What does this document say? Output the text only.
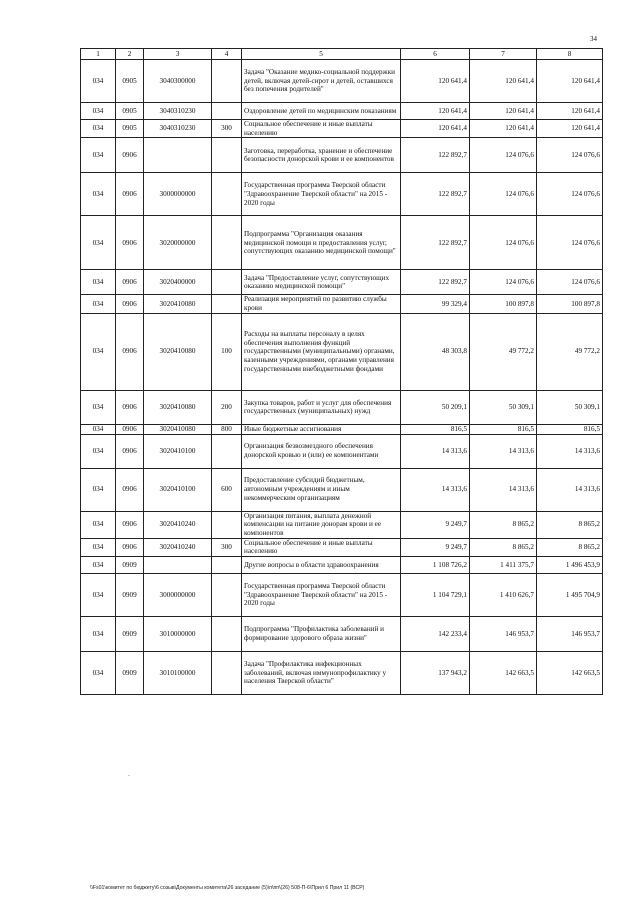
34
1	2	3	4	5	6	7	8
034	0905	3040300000		Задача "Оказание медико-социальной поддержки детей, включая детей-сирот и детей, оставшихся без попечения родителей"	120 641,4	120 641,4	120 641,4
034	0905	3040310230		Оздоровление детей по медицинским показаниям	120 641,4	120 641,4	120 641,4
034	0905	3040310230	300	Социальное обеспечение и иные выплаты населению	120 641,4	120 641,4	120 641,4
034	0906			Заготовка, переработка, хранение и обеспечение безопасности донорской крови и ее компонентов	122 892,7	124 076,6	124 076,6
034	0906	3000000000		Государственная программа Тверской области "Здравоохранение Тверской области" на 2015 - 2020 годы	122 892,7	124 076,6	124 076,6
034	0906	3020000000		Подпрограмма "Организация оказания медицинской помощи и предоставления услуг, сопутствующих оказанию медицинской помощи"	122 892,7	124 076,6	124 076,6
034	0906	3020400000		Задача "Предоставление услуг, сопутствующих оказанию медицинской помощи"	122 892,7	124 076,6	124 076,6
034	0906	3020410080		Реализация мероприятий по развитию службы крови	99 329,4	100 897,8	100 897,8
034	0906	3020410080	100	Расходы на выплаты персоналу в целях обеспечения выполнения функций государственными (муниципальными) органами, казенными учреждениями, органами управления государственными внебюджетными фондами	48 303,8	49 772,2	49 772,2
034	0906	3020410080	200	Закупка товаров, работ и услуг для обеспечения государственных (муниципальных) нужд	50 209,1	50 309,1	50 309,1
034	0906	3020410080	800	Иные бюджетные ассигнования	816,5	816,5	816,5
034	0906	3020410100		Организация безвозмездного обеспечения донорской кровью и (или) ее компонентами	14 313,6	14 313,6	14 313,6
034	0906	3020410100	600	Предоставление субсидий бюджетным, автономным учреждениям и иным некоммерческим организациям	14 313,6	14 313,6	14 313,6
034	0906	3020410240		Организация питания, выплата денежной компенсации на питание донорам крови и ее компонентов	9 249,7	8 865,2	8 865,2
034	0906	3020410240	300	Социальное обеспечение и иные выплаты населению	9 249,7	8 865,2	8 865,2
034	0909			Другие вопросы в области здравоохранения	1 108 726,2	1 411 375,7	1 496 453,9
034	0909	3000000000		Государственная программа Тверской области "Здравоохранение Тверской области" на 2015 - 2020 годы	1 104 729,1	1 410 626,7	1 495 704,9
034	0909	3010000000		Подпрограмма "Профилактика заболеваний и формирование здорового образа жизни"	142 233,4	146 953,7	146 953,7
034	0909	3010100000		Задача "Профилактика инфекционных заболеваний, включая иммунопрофилактику у населения Тверской области"	137 943,2	142 663,5	142 663,5
-
\\Fs01\комитет по бюджету\6 созыв\Документы комитета\26 заседание (5)\п\пп\(26) 508-П-6\Прил 6 Прил 11 (ВСР)
